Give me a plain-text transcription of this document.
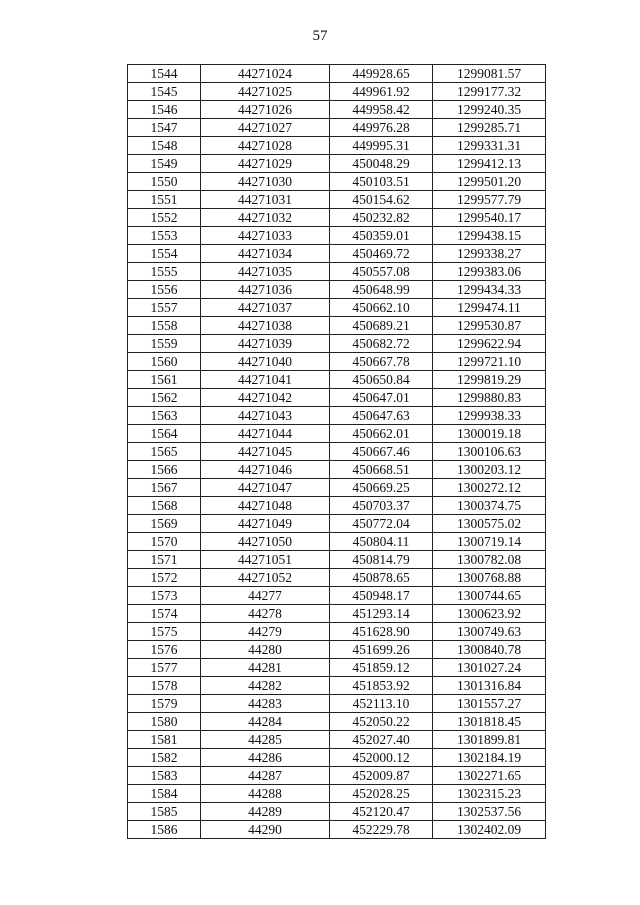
57
1544	44271024	449928.65	1299081.57
1545	44271025	449961.92	1299177.32
1546	44271026	449958.42	1299240.35
1547	44271027	449976.28	1299285.71
1548	44271028	449995.31	1299331.31
1549	44271029	450048.29	1299412.13
1550	44271030	450103.51	1299501.20
1551	44271031	450154.62	1299577.79
1552	44271032	450232.82	1299540.17
1553	44271033	450359.01	1299438.15
1554	44271034	450469.72	1299338.27
1555	44271035	450557.08	1299383.06
1556	44271036	450648.99	1299434.33
1557	44271037	450662.10	1299474.11
1558	44271038	450689.21	1299530.87
1559	44271039	450682.72	1299622.94
1560	44271040	450667.78	1299721.10
1561	44271041	450650.84	1299819.29
1562	44271042	450647.01	1299880.83
1563	44271043	450647.63	1299938.33
1564	44271044	450662.01	1300019.18
1565	44271045	450667.46	1300106.63
1566	44271046	450668.51	1300203.12
1567	44271047	450669.25	1300272.12
1568	44271048	450703.37	1300374.75
1569	44271049	450772.04	1300575.02
1570	44271050	450804.11	1300719.14
1571	44271051	450814.79	1300782.08
1572	44271052	450878.65	1300768.88
1573	44277	450948.17	1300744.65
1574	44278	451293.14	1300623.92
1575	44279	451628.90	1300749.63
1576	44280	451699.26	1300840.78
1577	44281	451859.12	1301027.24
1578	44282	451853.92	1301316.84
1579	44283	452113.10	1301557.27
1580	44284	452050.22	1301818.45
1581	44285	452027.40	1301899.81
1582	44286	452000.12	1302184.19
1583	44287	452009.87	1302271.65
1584	44288	452028.25	1302315.23
1585	44289	452120.47	1302537.56
1586	44290	452229.78	1302402.09
